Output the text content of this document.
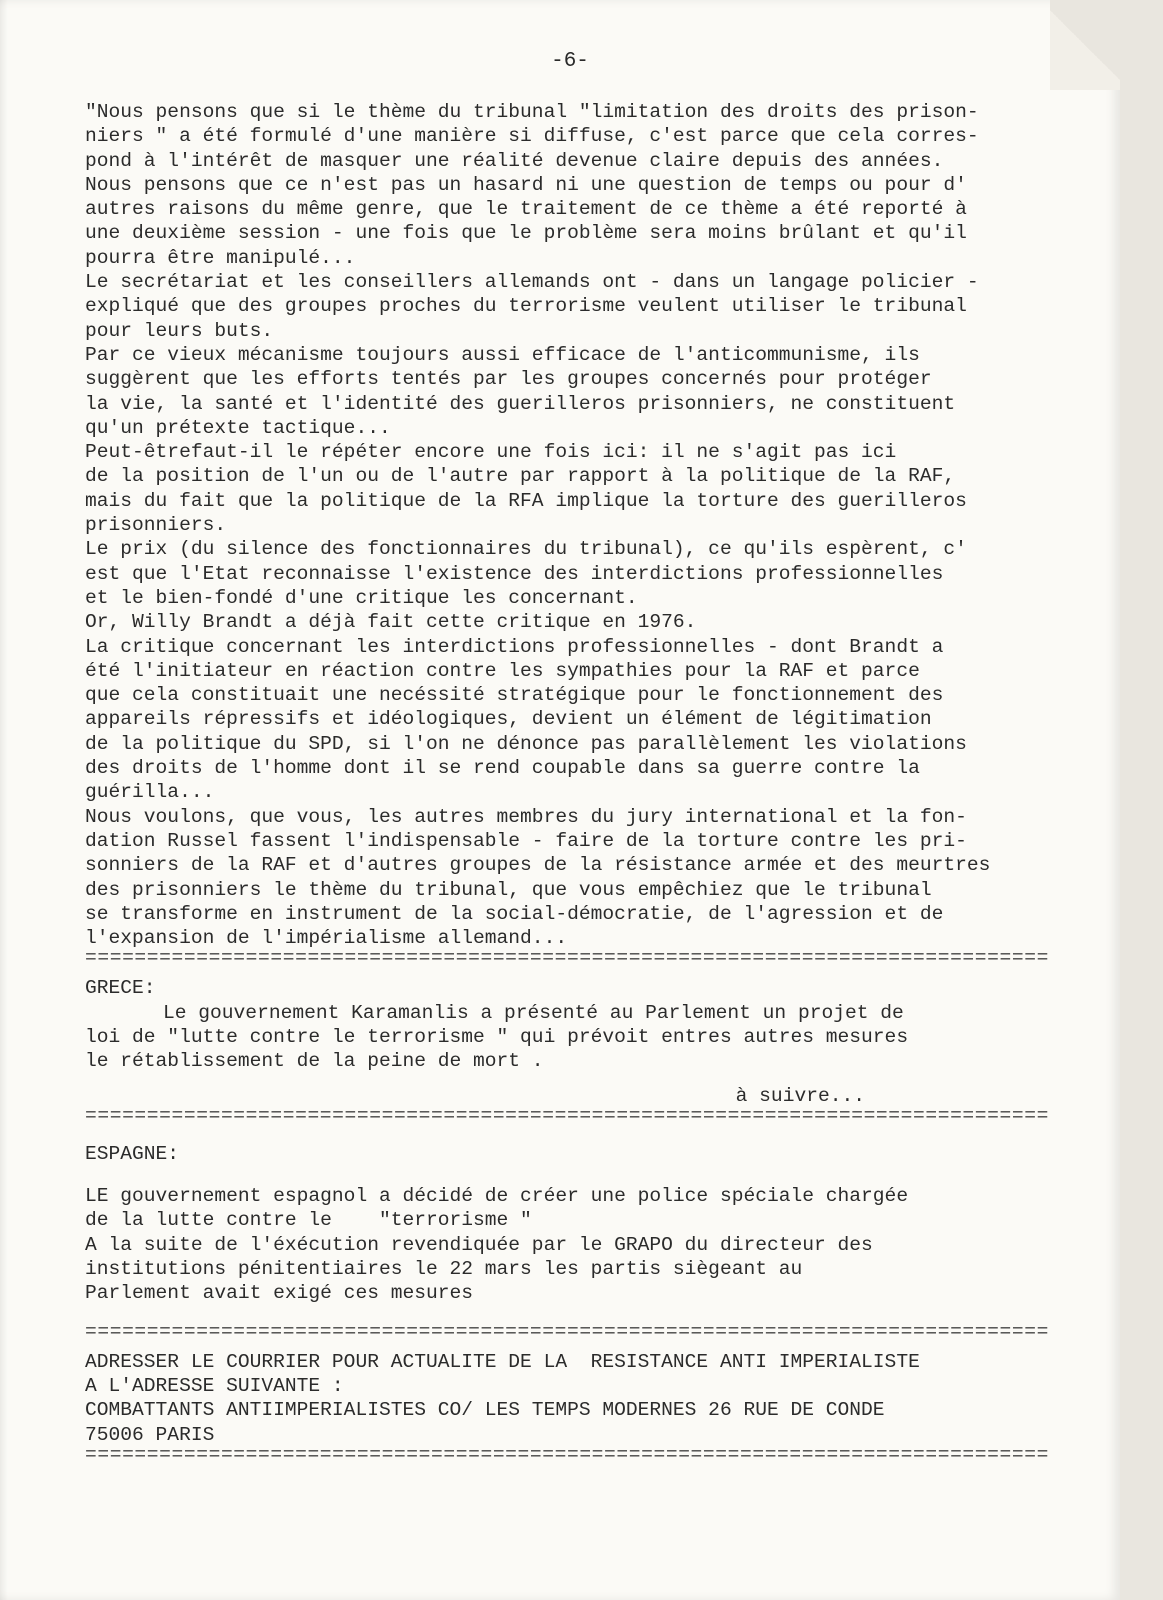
-6-
"Nous pensons que si le thème du tribunal "limitation des droits des prison-
niers " a été formulé d'une manière si diffuse, c'est parce que cela corres-
pond à l'intérêt de masquer une réalité devenue claire depuis des années.
Nous pensons que ce n'est pas un hasard ni une question de temps ou pour d'
autres raisons du même genre, que le traitement de ce thème a été reporté à
une deuxième session - une fois que le problème sera moins brûlant et qu'il
pourra être manipulé...
Le secrétariat et les conseillers allemands ont - dans un langage policier -
expliqué que des groupes proches du terrorisme veulent utiliser le tribunal
pour leurs buts.
Par ce vieux mécanisme toujours aussi efficace de l'anticommunisme, ils
suggèrent que les efforts tentés par les groupes concernés pour protéger
la vie, la santé et l'identité des guerilleros prisonniers, ne constituent
qu'un prétexte tactique...
Peut-êtrefaut-il le répéter encore une fois ici: il ne s'agit pas ici
de la position de l'un ou de l'autre par rapport à la politique de la RAF,
mais du fait que la politique de la RFA implique la torture des guerilleros
prisonniers.
Le prix (du silence des fonctionnaires du tribunal), ce qu'ils espèrent, c'
est que l'Etat reconnaisse l'existence des interdictions professionnelles
et le bien-fondé d'une critique les concernant.
Or, Willy Brandt a déjà fait cette critique en 1976.
La critique concernant les interdictions professionnelles - dont Brandt a
été l'initiateur en réaction contre les sympathies pour la RAF et parce
que cela constituait une necéssité stratégique pour le fonctionnement des
appareils répressifs et idéologiques, devient un élément de légitimation
de la politique du SPD, si l'on ne dénonce pas parallèlement les violations
des droits de l'homme dont il se rend coupable dans sa guerre contre la
guérilla...
Nous voulons, que vous, les autres membres du jury international et la fon-
dation Russel fassent l'indispensable - faire de la torture contre les pri-
sonniers de la RAF et d'autres groupes de la résistance armée et des meurtres
des prisonniers le thème du tribunal, que vous empêchiez que le tribunal
se transforme en instrument de la social-démocratie, de l'agression et de
l'expansion de l'impérialisme allemand...
==============================================================================
GRECE:
Le gouvernement Karamanlis a présenté au Parlement un projet de
loi de "lutte contre le terrorisme " qui prévoit entres autres mesures
le rétablissement de la peine de mort .
à suivre...
==============================================================================
ESPAGNE:
LE gouvernement espagnol a décidé de créer une police spéciale chargée
de la lutte contre le    "terrorisme "
A la suite de l'éxécution revendiquée par le GRAPO du directeur des
institutions pénitentiaires le 22 mars les partis siègeant au
Parlement avait exigé ces mesures
==============================================================================
ADRESSER LE COURRIER POUR ACTUALITE DE LA  RESISTANCE ANTI IMPERIALISTE
A L'ADRESSE SUIVANTE :
COMBATTANTS ANTIIMPERIALISTES CO/ LES TEMPS MODERNES 26 RUE DE CONDE
75006 PARIS
==============================================================================
